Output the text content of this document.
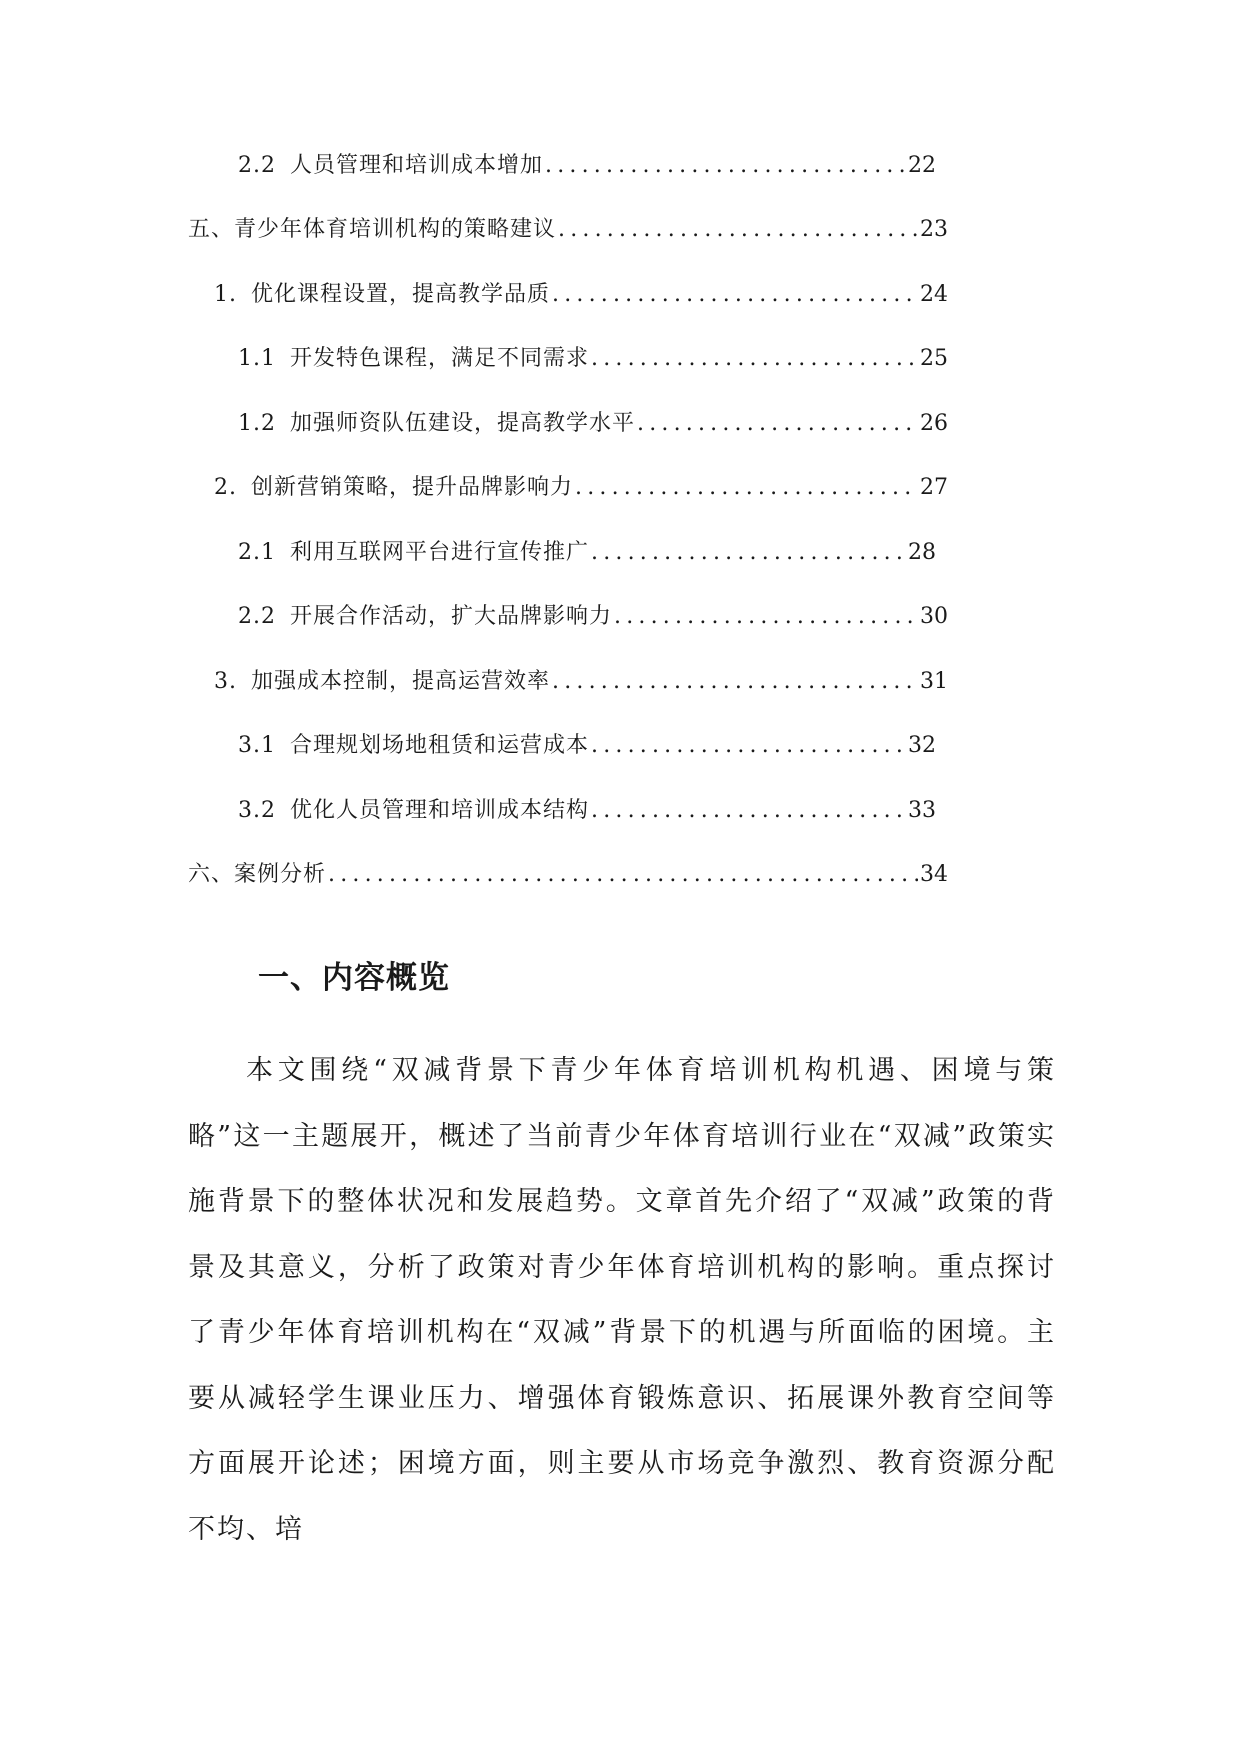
2.2 人员管理和培训成本增加 .....	22
五、青少年体育培训机构的策略建议 .....	23
1. 优化课程设置，提高教学品质 .....	24
1.1 开发特色课程，满足不同需求 .....	25
1.2 加强师资队伍建设，提高教学水平 .....	26
2. 创新营销策略，提升品牌影响力 .....	27
2.1 利用互联网平台进行宣传推广 .....	28
2.2 开展合作活动，扩大品牌影响力 .....	30
3. 加强成本控制，提高运营效率 .....	31
3.1 合理规划场地租赁和运营成本 .....	32
3.2 优化人员管理和培训成本结构 .....	33
六、案例分析 .....	34
一、内容概览

本文围绕“双减背景下青少年体育培训机构机遇、困境与策略”这一主题展开，概述了当前青少年体育培训行业在“双减”政策实施背景下的整体状况和发展趋势。文章首先介绍了“双减”政策的背景及其意义，分析了政策对青少年体育培训机构的影响。重点探讨了青少年体育培训机构在“双减”背景下的机遇与所面临的困境。主要从减轻学生课业压力、增强体育锻炼意识、拓展课外教育空间等方面展开论述；困境方面，则主要从市场竞争激烈、教育资源分配不均、培
